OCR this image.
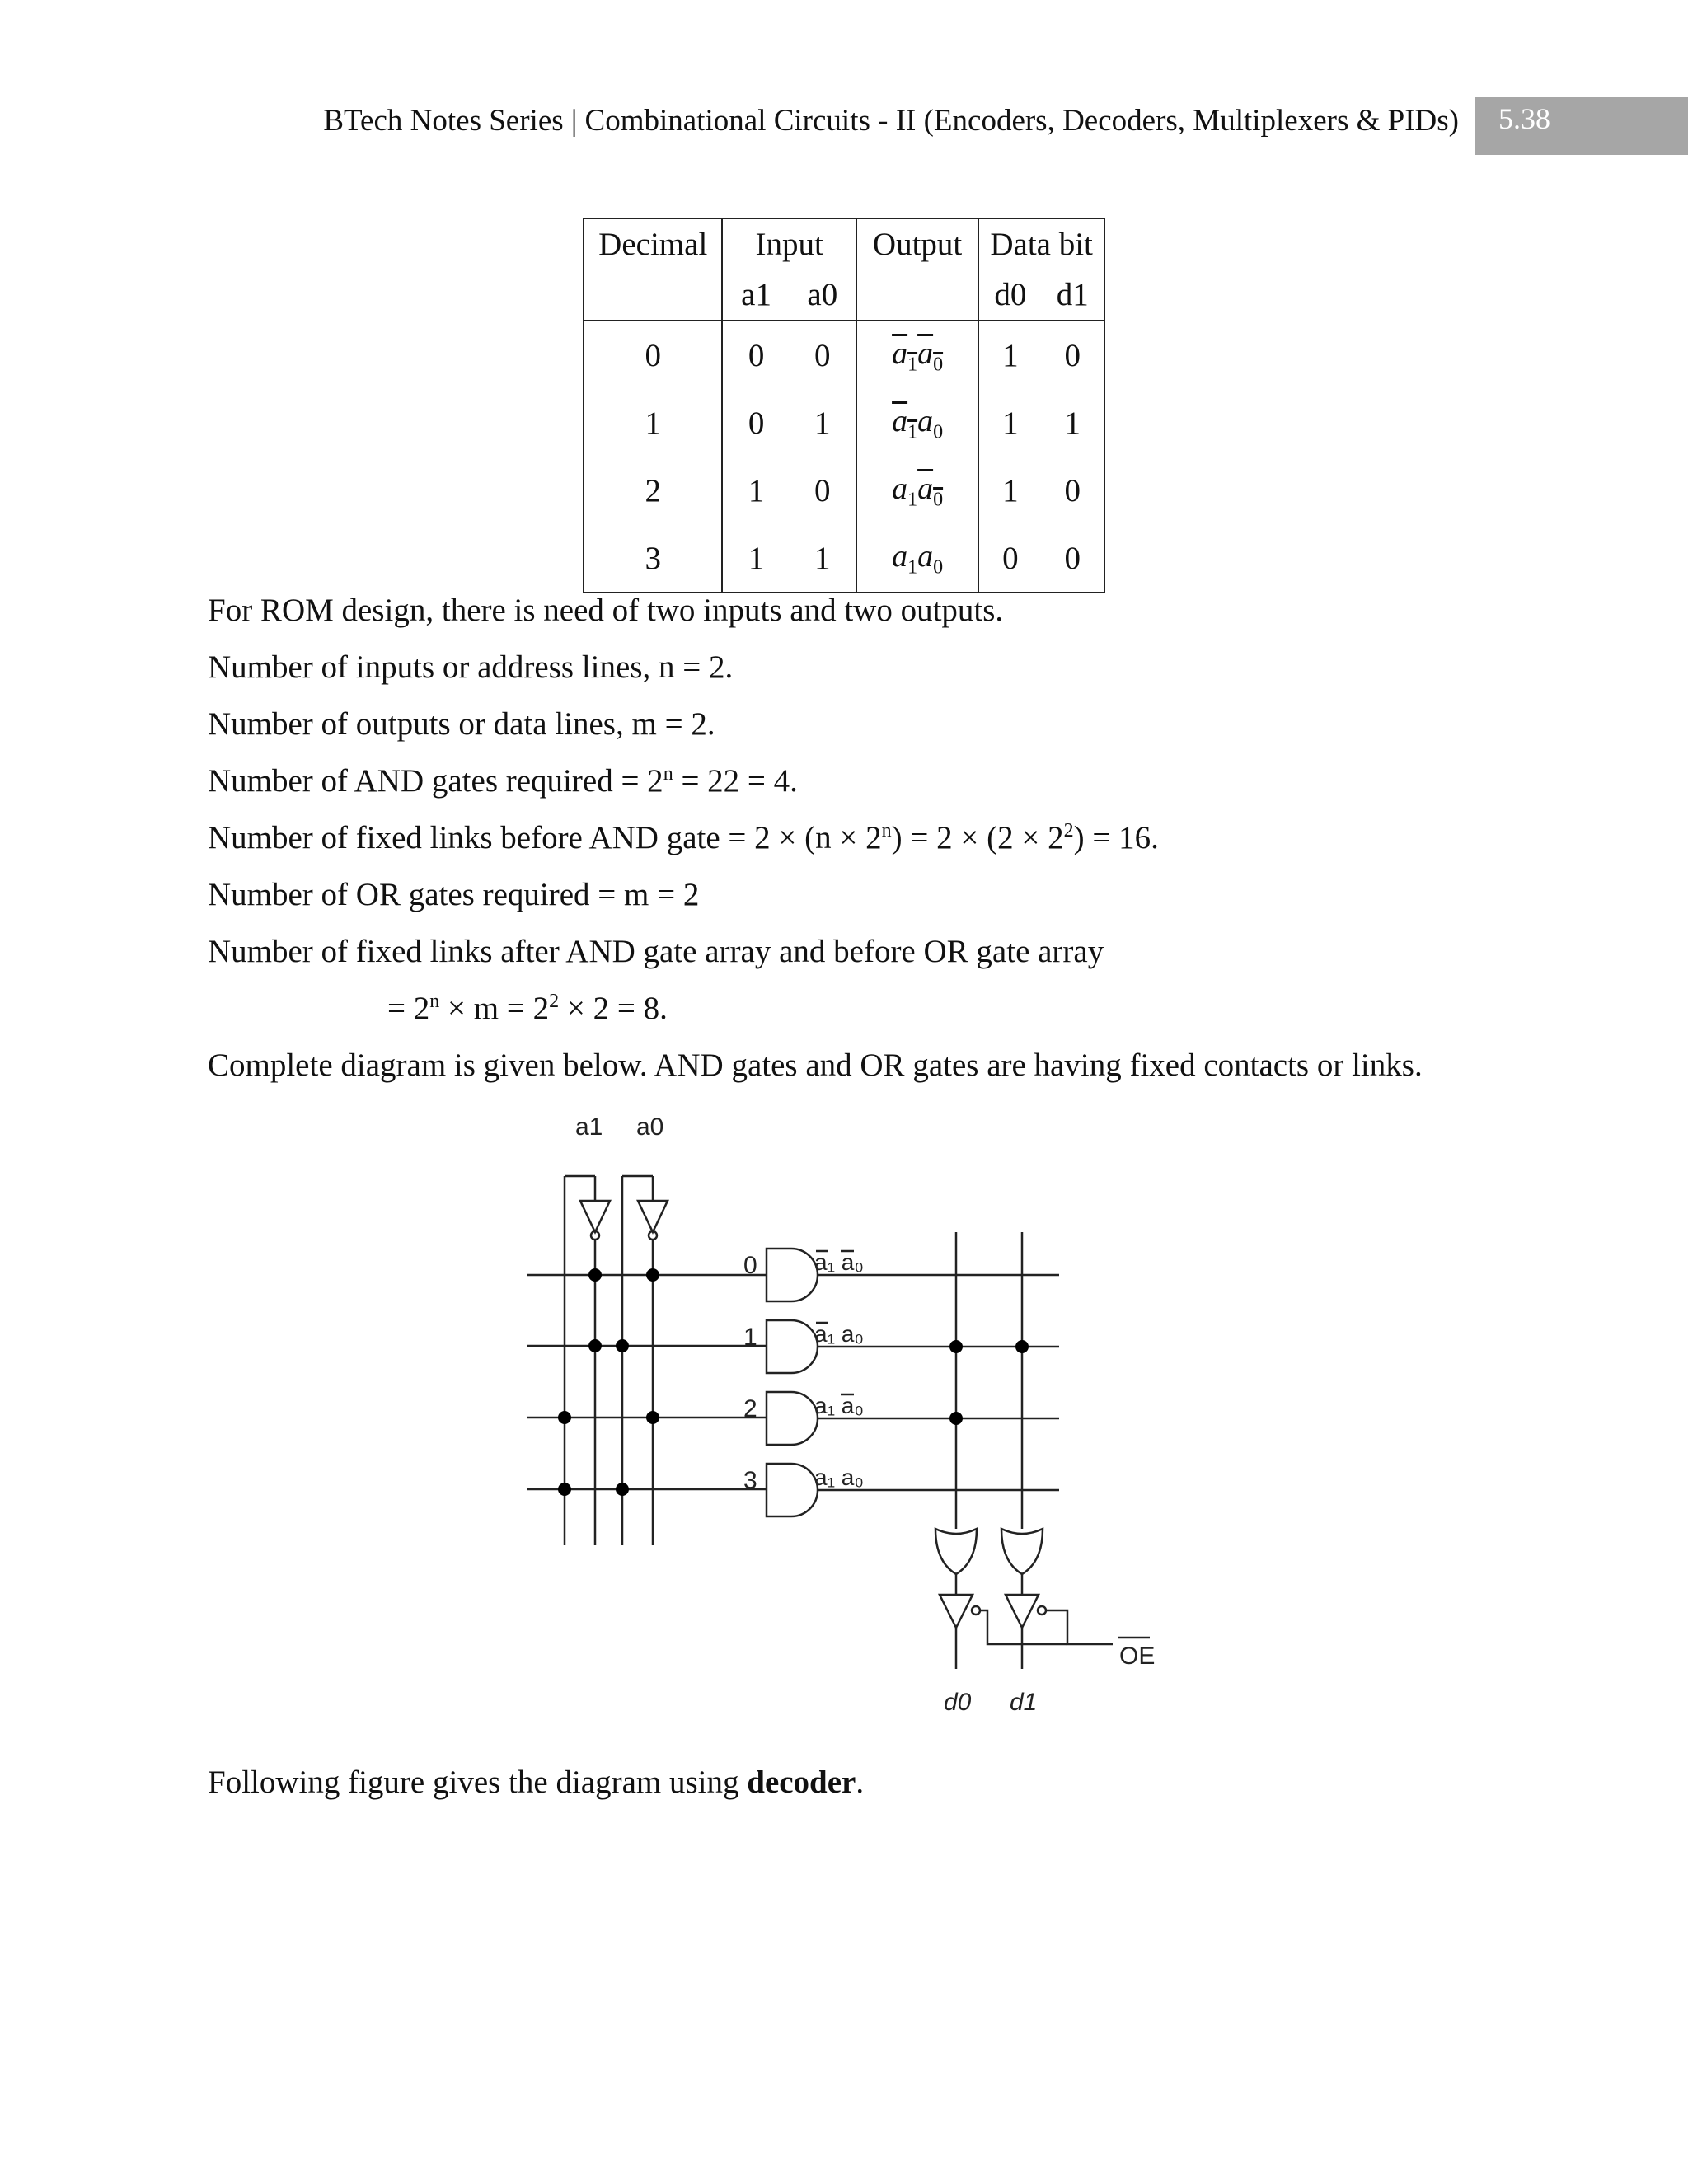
BTech Notes Series | Combinational Circuits - II (Encoders, Decoders, Multiplexers & PIDs)	5.38
Decimal	Input	Output	Data bit

	a1 a0		d0 d1

0	0 0	$a_1a_0$	1 0

1	0 1	$a_1a_0$	1 1

2	1 0	$a_1a_0$	1 0

3	1 1	$a_1a_0$	0 0
For ROM design, there is need of two inputs and two outputs.
Number of inputs or address lines, n = 2.
Number of outputs or data lines, m = 2.
Number of AND gates required = $2^n = 22 = 4$.
Number of fixed links before AND gate = $2 \times (n \times 2^n) = 2 \times (2 \times 2^2) = 16$.
Number of OR gates required = m = 2
Number of fixed links after AND gate array and before OR gate array
= $2^n \times m = 2^2 \times 2 = 8$.
Complete diagram is given below. AND gates and OR gates are having fixed contacts or links.
a1 a0
0
1
2
3
a₁ a₀
a₁ a₀
a₁ a₀
a₁ a₀
OE
d0 d1
Following figure gives the diagram using decoder.
